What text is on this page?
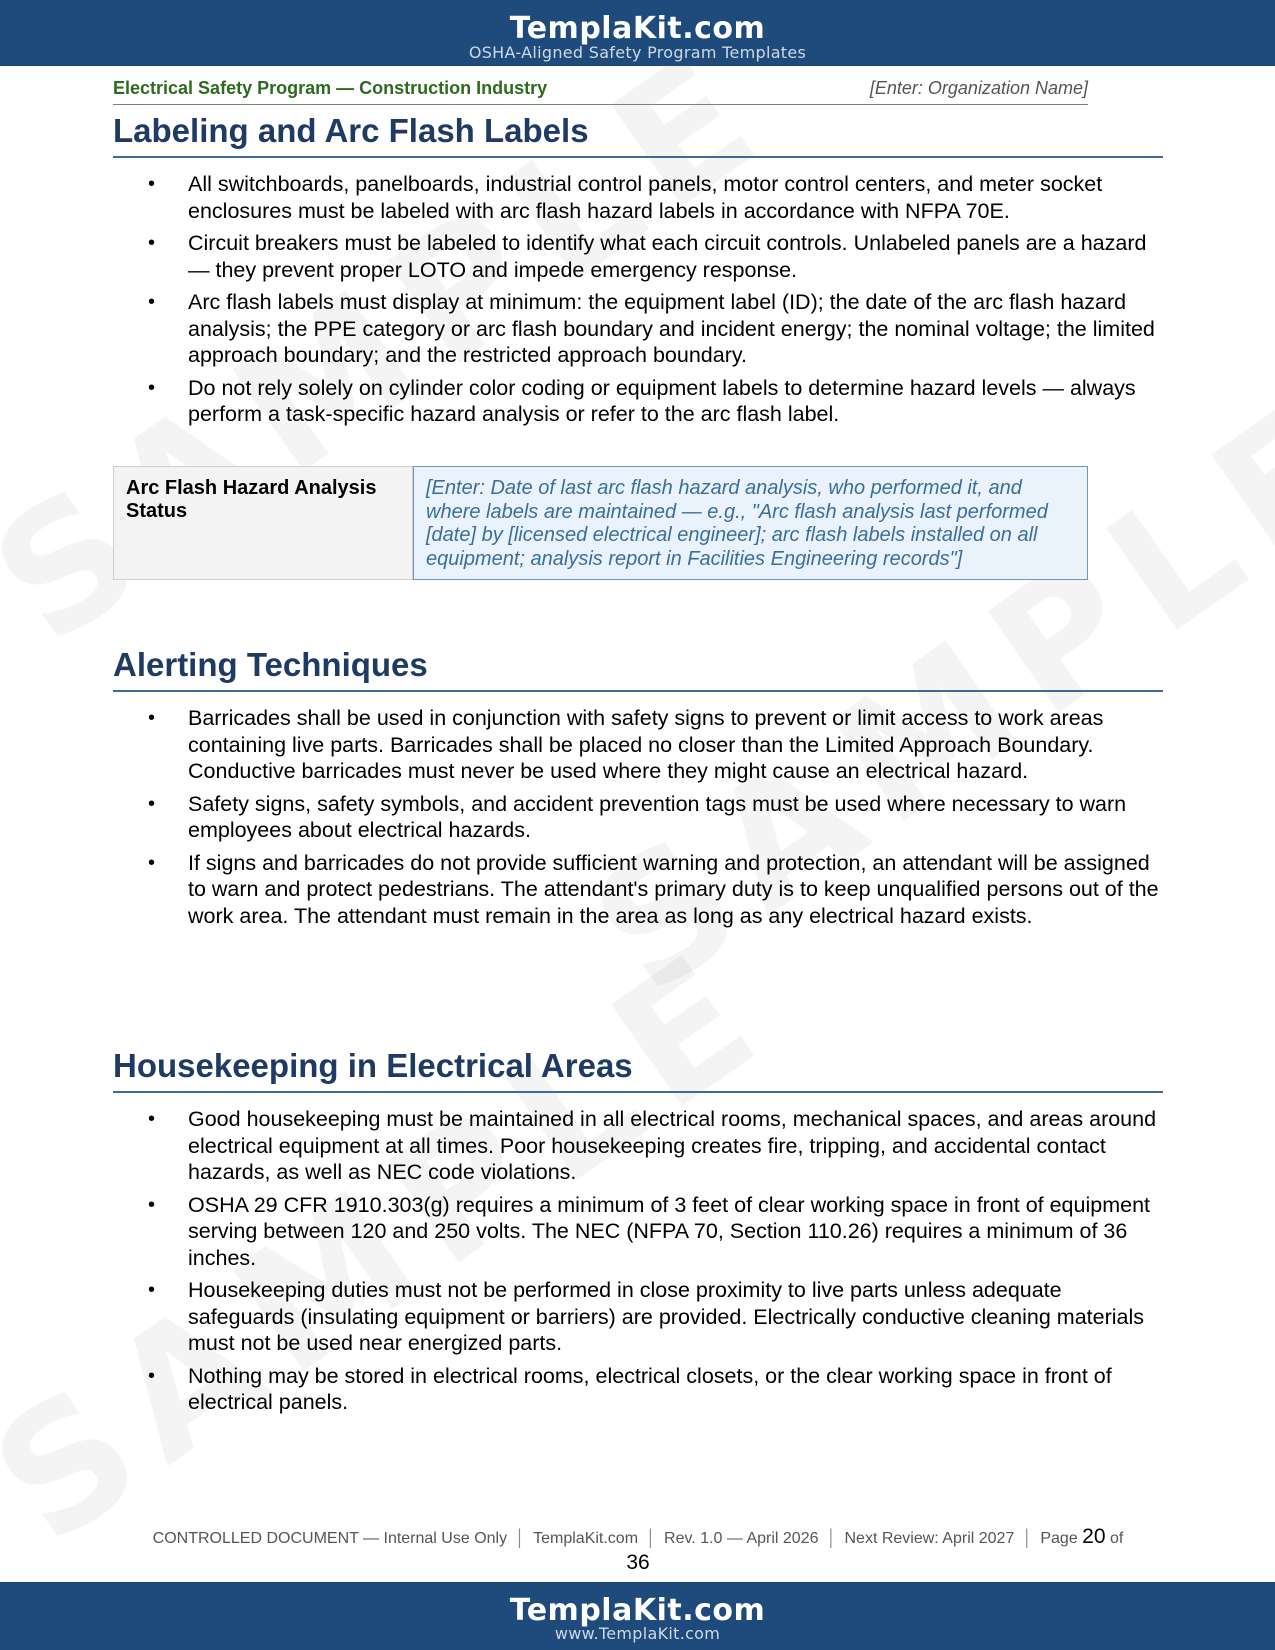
TemplaKit.com
OSHA-Aligned Safety Program Templates
Electrical Safety Program — Construction Industry	[Enter: Organization Name]
Labeling and Arc Flash Labels
• All switchboards, panelboards, industrial control panels, motor control centers, and meter socket enclosures must be labeled with arc flash hazard labels in accordance with NFPA 70E.
• Circuit breakers must be labeled to identify what each circuit controls. Unlabeled panels are a hazard — they prevent proper LOTO and impede emergency response.
• Arc flash labels must display at minimum: the equipment label (ID); the date of the arc flash hazard analysis; the PPE category or arc flash boundary and incident energy; the nominal voltage; the limited approach boundary; and the restricted approach boundary.
• Do not rely solely on cylinder color coding or equipment labels to determine hazard levels — always perform a task-specific hazard analysis or refer to the arc flash label.
Arc Flash Hazard Analysis Status
[Enter: Date of last arc flash hazard analysis, who performed it, and where labels are maintained — e.g., "Arc flash analysis last performed [date] by [licensed electrical engineer]; arc flash labels installed on all equipment; analysis report in Facilities Engineering records"]
Alerting Techniques
• Barricades shall be used in conjunction with safety signs to prevent or limit access to work areas containing live parts. Barricades shall be placed no closer than the Limited Approach Boundary. Conductive barricades must never be used where they might cause an electrical hazard.
• Safety signs, safety symbols, and accident prevention tags must be used where necessary to warn employees about electrical hazards.
• If signs and barricades do not provide sufficient warning and protection, an attendant will be assigned to warn and protect pedestrians. The attendant's primary duty is to keep unqualified persons out of the work area. The attendant must remain in the area as long as any electrical hazard exists.
Housekeeping in Electrical Areas
• Good housekeeping must be maintained in all electrical rooms, mechanical spaces, and areas around electrical equipment at all times. Poor housekeeping creates fire, tripping, and accidental contact hazards, as well as NEC code violations.
• OSHA 29 CFR 1910.303(g) requires a minimum of 3 feet of clear working space in front of equipment serving between 120 and 250 volts. The NEC (NFPA 70, Section 110.26) requires a minimum of 36 inches.
• Housekeeping duties must not be performed in close proximity to live parts unless adequate safeguards (insulating equipment or barriers) are provided. Electrically conductive cleaning materials must not be used near energized parts.
• Nothing may be stored in electrical rooms, electrical closets, or the clear working space in front of electrical panels.
CONTROLLED DOCUMENT — Internal Use Only │ TemplaKit.com │ Rev. 1.0 — April 2026 │ Next Review: April 2027 │ Page 20 of
36
TemplaKit.com
www.TemplaKit.com
